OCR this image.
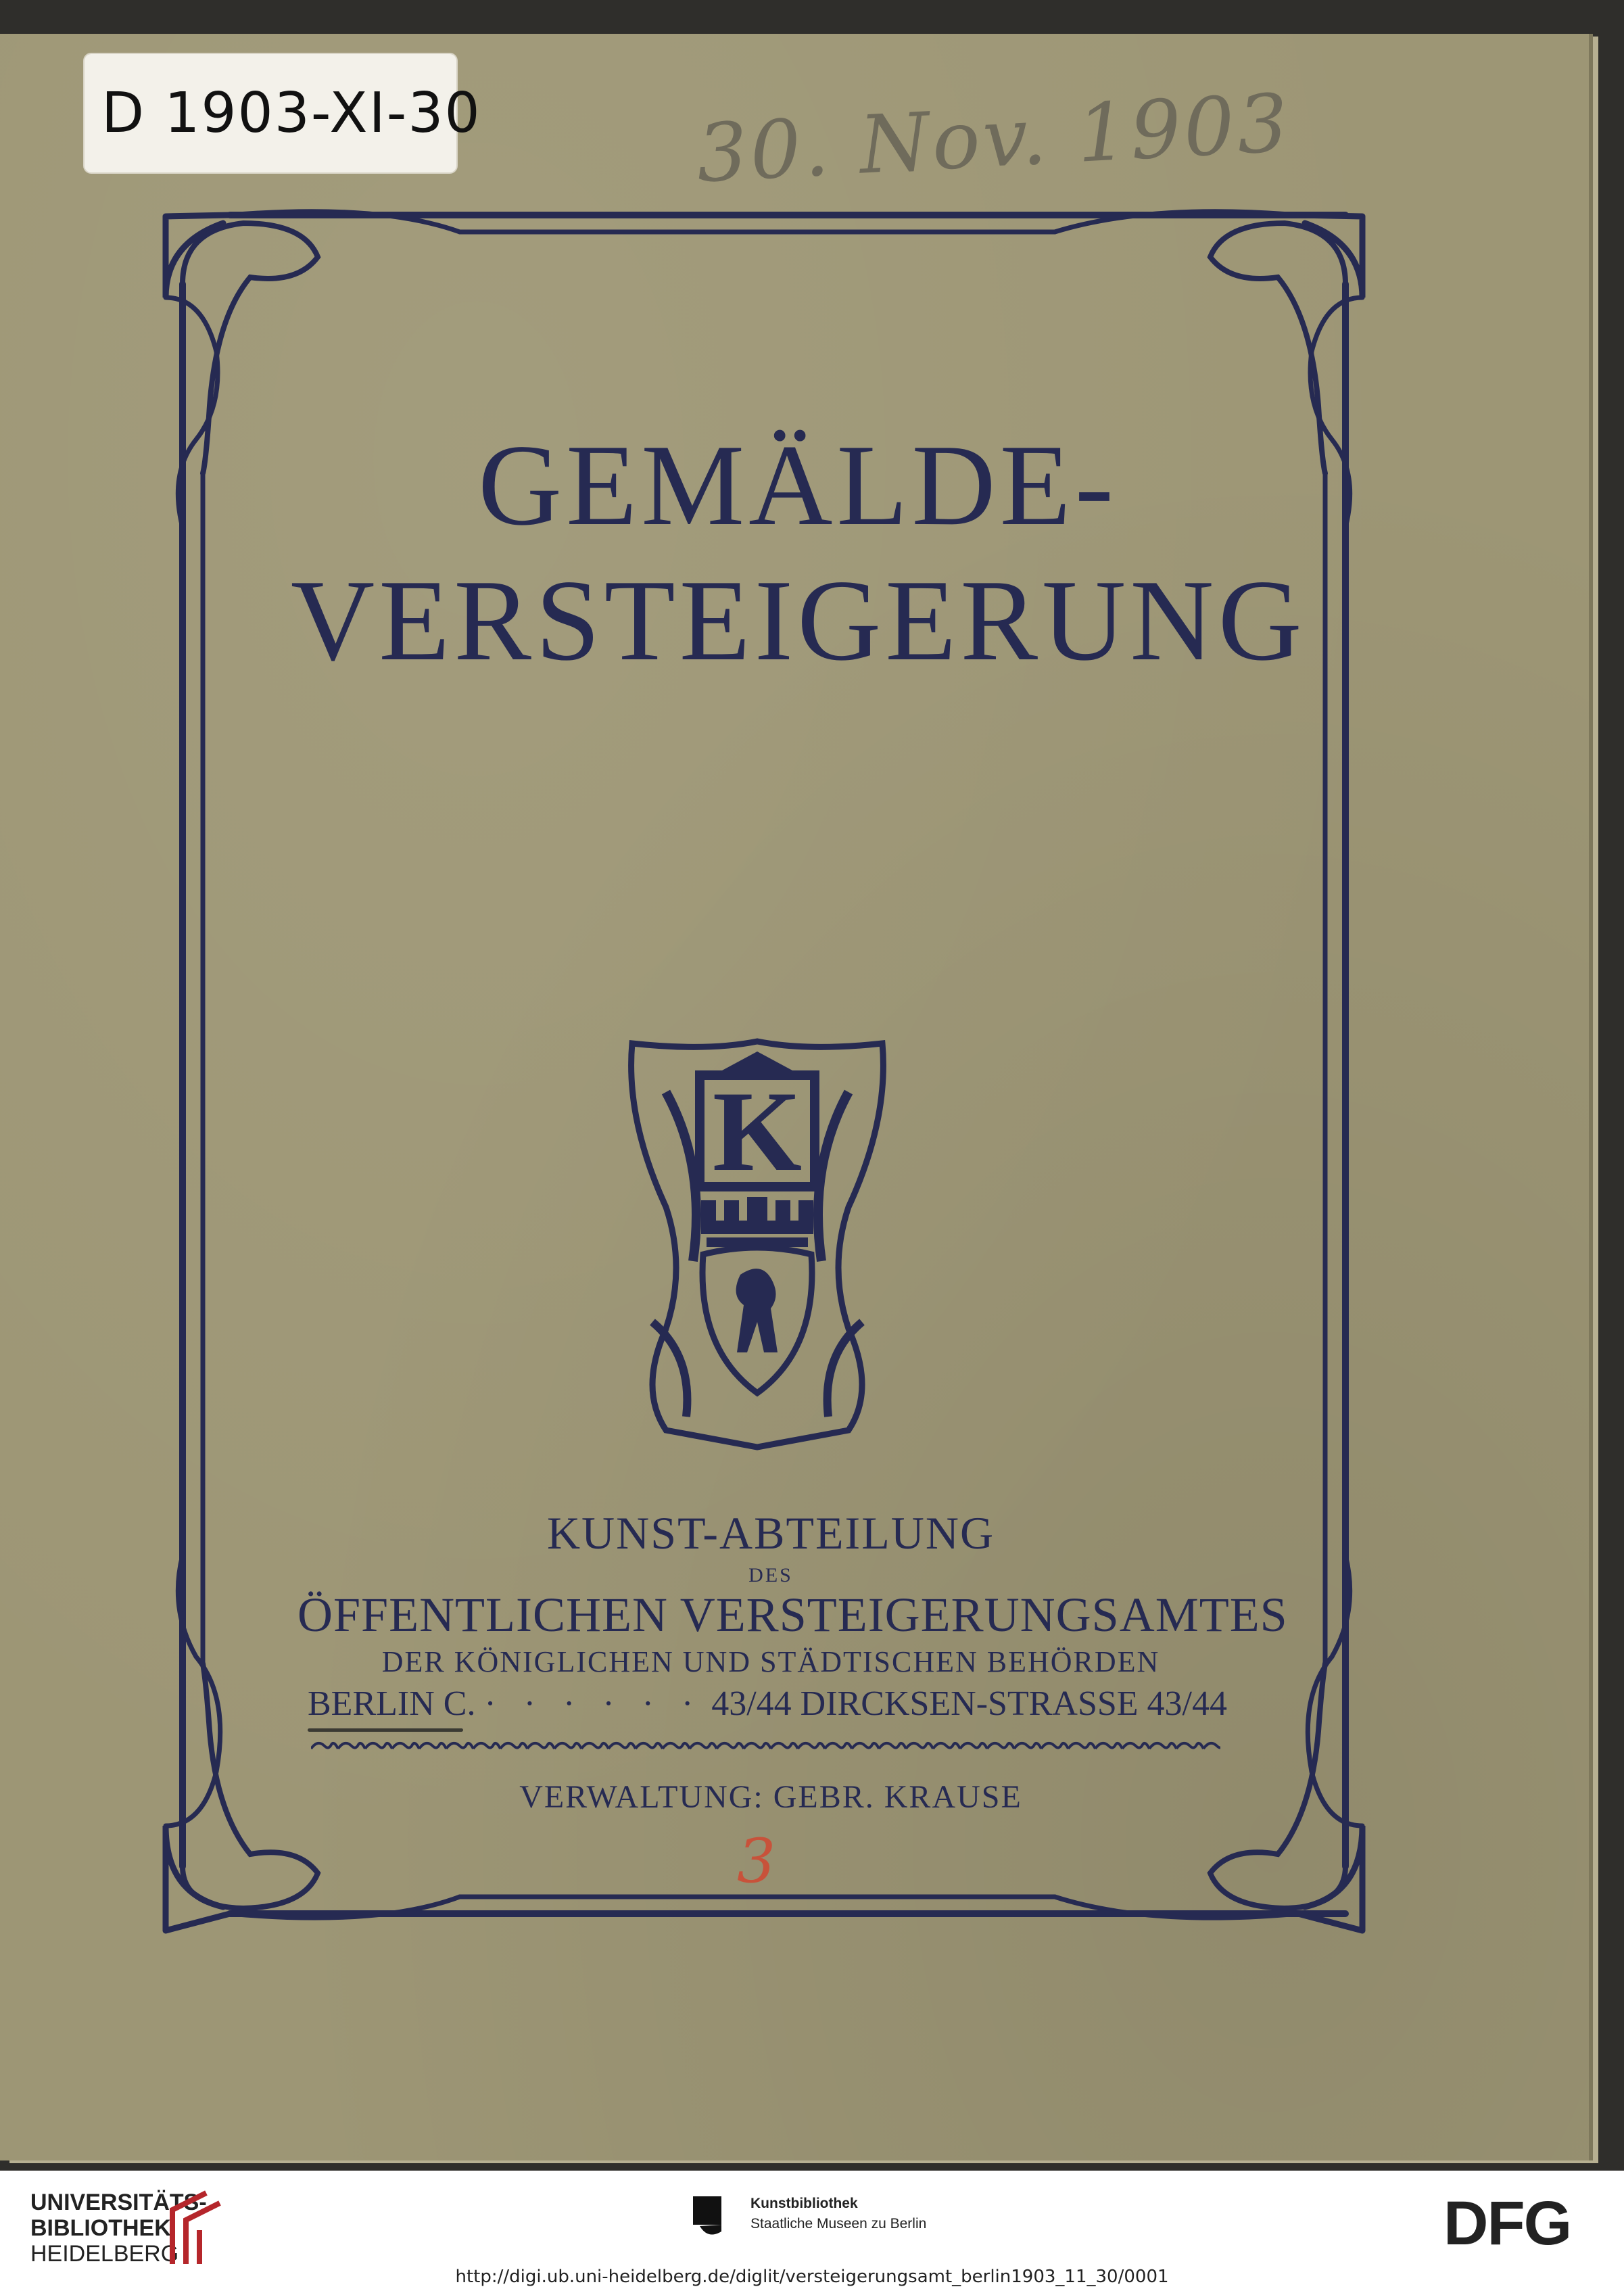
D 1903-XI-30	30. Nov. 1903
GEMÄLDE-
VERSTEIGERUNG
K
KUNST-ABTEILUNG
DES
ÖFFENTLICHEN VERSTEIGERUNGSAMTES
DER KÖNIGLICHEN UND STÄDTISCHEN BEHÖRDEN
BERLIN C. · · · · · · 43/44 DIRCKSEN-STRASSE 43/44
VERWALTUNG: GEBR. KRAUSE
3
UNIVERSITÄTS-
BIBLIOTHEK
HEIDELBERG
Kunstbibliothek
Staatliche Museen zu Berlin	DFG
http://digi.ub.uni-heidelberg.de/diglit/versteigerungsamt_berlin1903_11_30/0001
